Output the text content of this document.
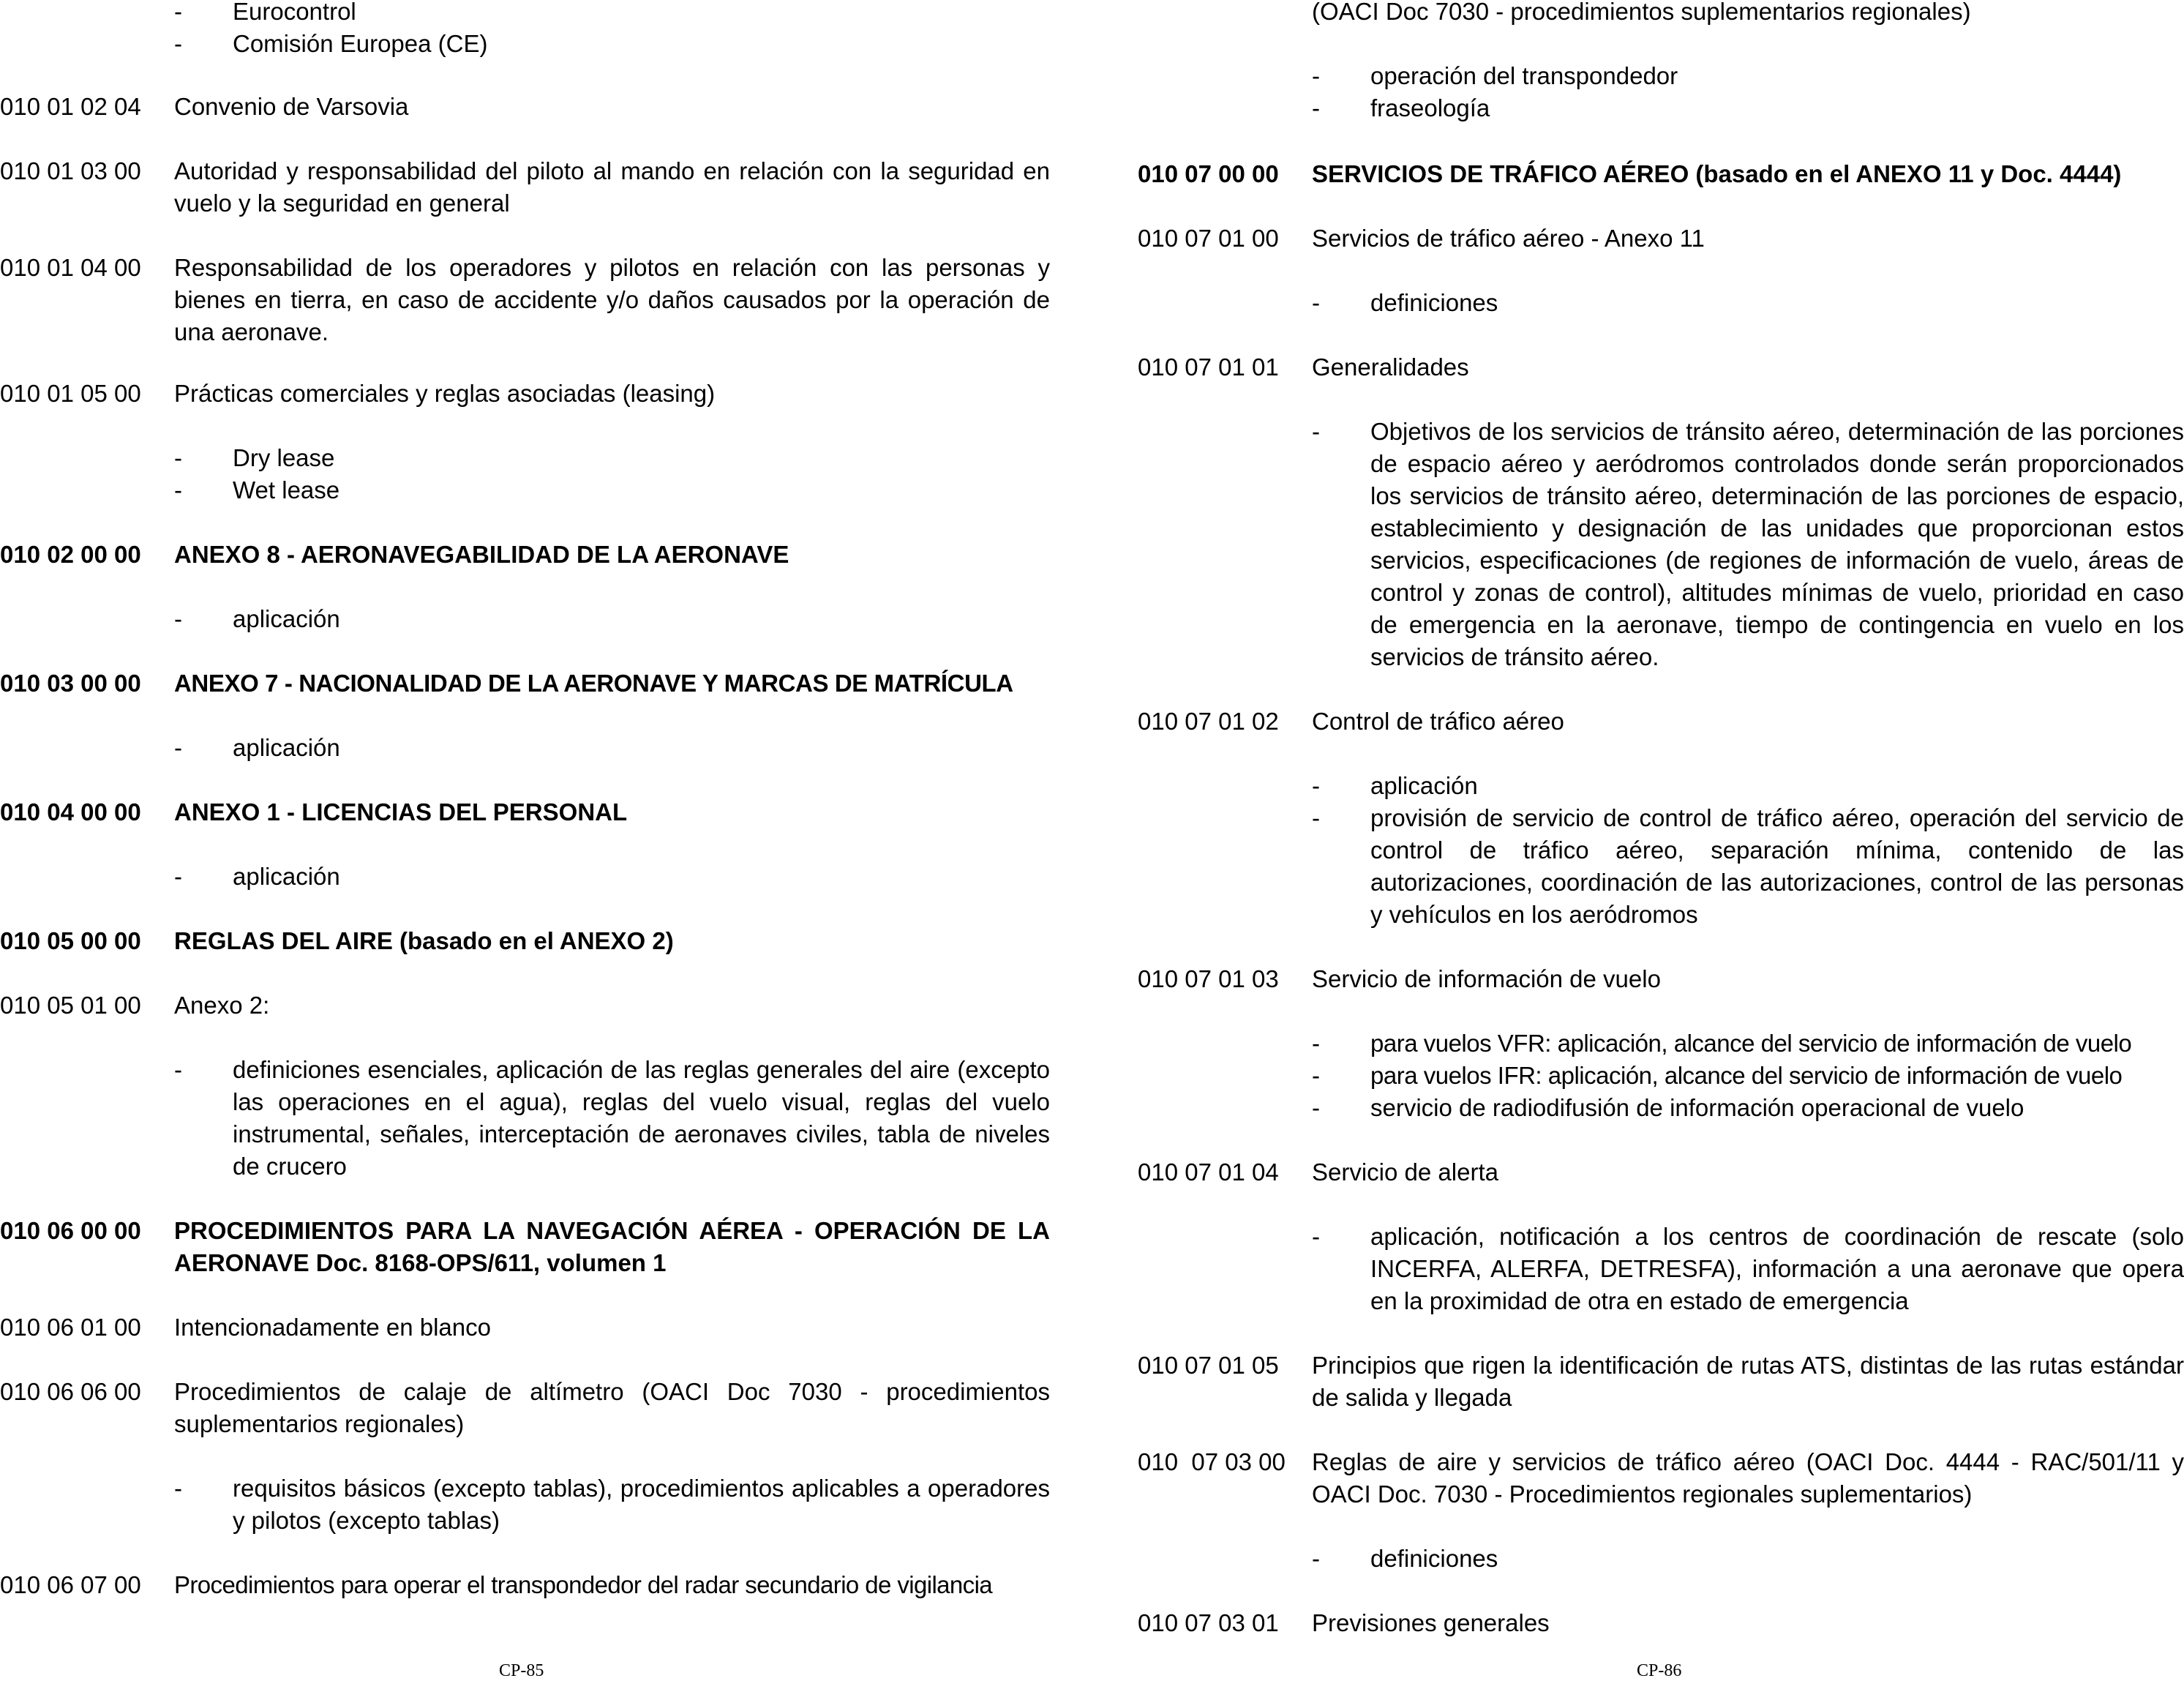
- Eurocontrol
- Comisión Europea (CE)
010 01 02 04 Convenio de Varsovia
010 01 03 00 Autoridad y responsabilidad del piloto al mando en relación con la seguridad en vuelo y la seguridad en general
010 01 04 00 Responsabilidad de los operadores y pilotos en relación con las personas y bienes en tierra, en caso de accidente y/o daños causados por la operación de una aeronave.
010 01 05 00 Prácticas comerciales y reglas asociadas (leasing)
- Dry lease
- Wet lease
010 02 00 00 ANEXO 8 - AERONAVEGABILIDAD DE LA AERONAVE
- aplicación
010 03 00 00 ANEXO 7 - NACIONALIDAD DE LA AERONAVE Y MARCAS DE MATRÍCULA
- aplicación
010 04 00 00 ANEXO 1 - LICENCIAS DEL PERSONAL
- aplicación
010 05 00 00 REGLAS DEL AIRE (basado en el ANEXO 2)
010 05 01 00 Anexo 2:
- definiciones esenciales, aplicación de las reglas generales del aire (excepto las operaciones en el agua), reglas del vuelo visual, reglas del vuelo instrumental, señales, interceptación de aeronaves civiles, tabla de niveles de crucero
010 06 00 00 PROCEDIMIENTOS PARA LA NAVEGACIÓN AÉREA - OPERACIÓN DE LA AERONAVE Doc. 8168-OPS/611, volumen 1
010 06 01 00 Intencionadamente en blanco
010 06 06 00 Procedimientos de calaje de altímetro (OACI Doc 7030 - procedimientos suplementarios regionales)
- requisitos básicos (excepto tablas), procedimientos aplicables a operadores y pilotos (excepto tablas)
010 06 07 00 Procedimientos para operar el transpondedor del radar secundario de vigilancia
CP-85
(OACI Doc 7030 - procedimientos suplementarios regionales)
- operación del transpondedor
- fraseología
010 07 00 00 SERVICIOS DE TRÁFICO AÉREO (basado en el ANEXO 11 y Doc. 4444)
010 07 01 00 Servicios de tráfico aéreo - Anexo 11
- definiciones
010 07 01 01 Generalidades
- Objetivos de los servicios de tránsito aéreo, determinación de las porciones de espacio aéreo y aeródromos controlados donde serán proporcionados los servicios de tránsito aéreo, determinación de las porciones de espacio, establecimiento y designación de las unidades que proporcionan estos servicios, especificaciones (de regiones de información de vuelo, áreas de control y zonas de control), altitudes mínimas de vuelo, prioridad en caso de emergencia en la aeronave, tiempo de contingencia en vuelo en los servicios de tránsito aéreo.
010 07 01 02 Control de tráfico aéreo
- aplicación
- provisión de servicio de control de tráfico aéreo, operación del servicio de control de tráfico aéreo, separación mínima, contenido de las autorizaciones, coordinación de las autorizaciones, control de las personas y vehículos en los aeródromos
010 07 01 03 Servicio de información de vuelo
- para vuelos VFR: aplicación, alcance del servicio de información de vuelo
- para vuelos IFR: aplicación, alcance del servicio de información de vuelo
- servicio de radiodifusión de información operacional de vuelo
010 07 01 04 Servicio de alerta
- aplicación, notificación a los centros de coordinación de rescate (solo INCERFA, ALERFA, DETRESFA), información a una aeronave que opera en la proximidad de otra en estado de emergencia
010 07 01 05 Principios que rigen la identificación de rutas ATS, distintas de las rutas estándar de salida y llegada
010  07 03 00 Reglas de aire y servicios de tráfico aéreo (OACI Doc. 4444 - RAC/501/11 y OACI Doc. 7030 - Procedimientos regionales suplementarios)
- definiciones
010 07 03 01 Previsiones generales
CP-86
